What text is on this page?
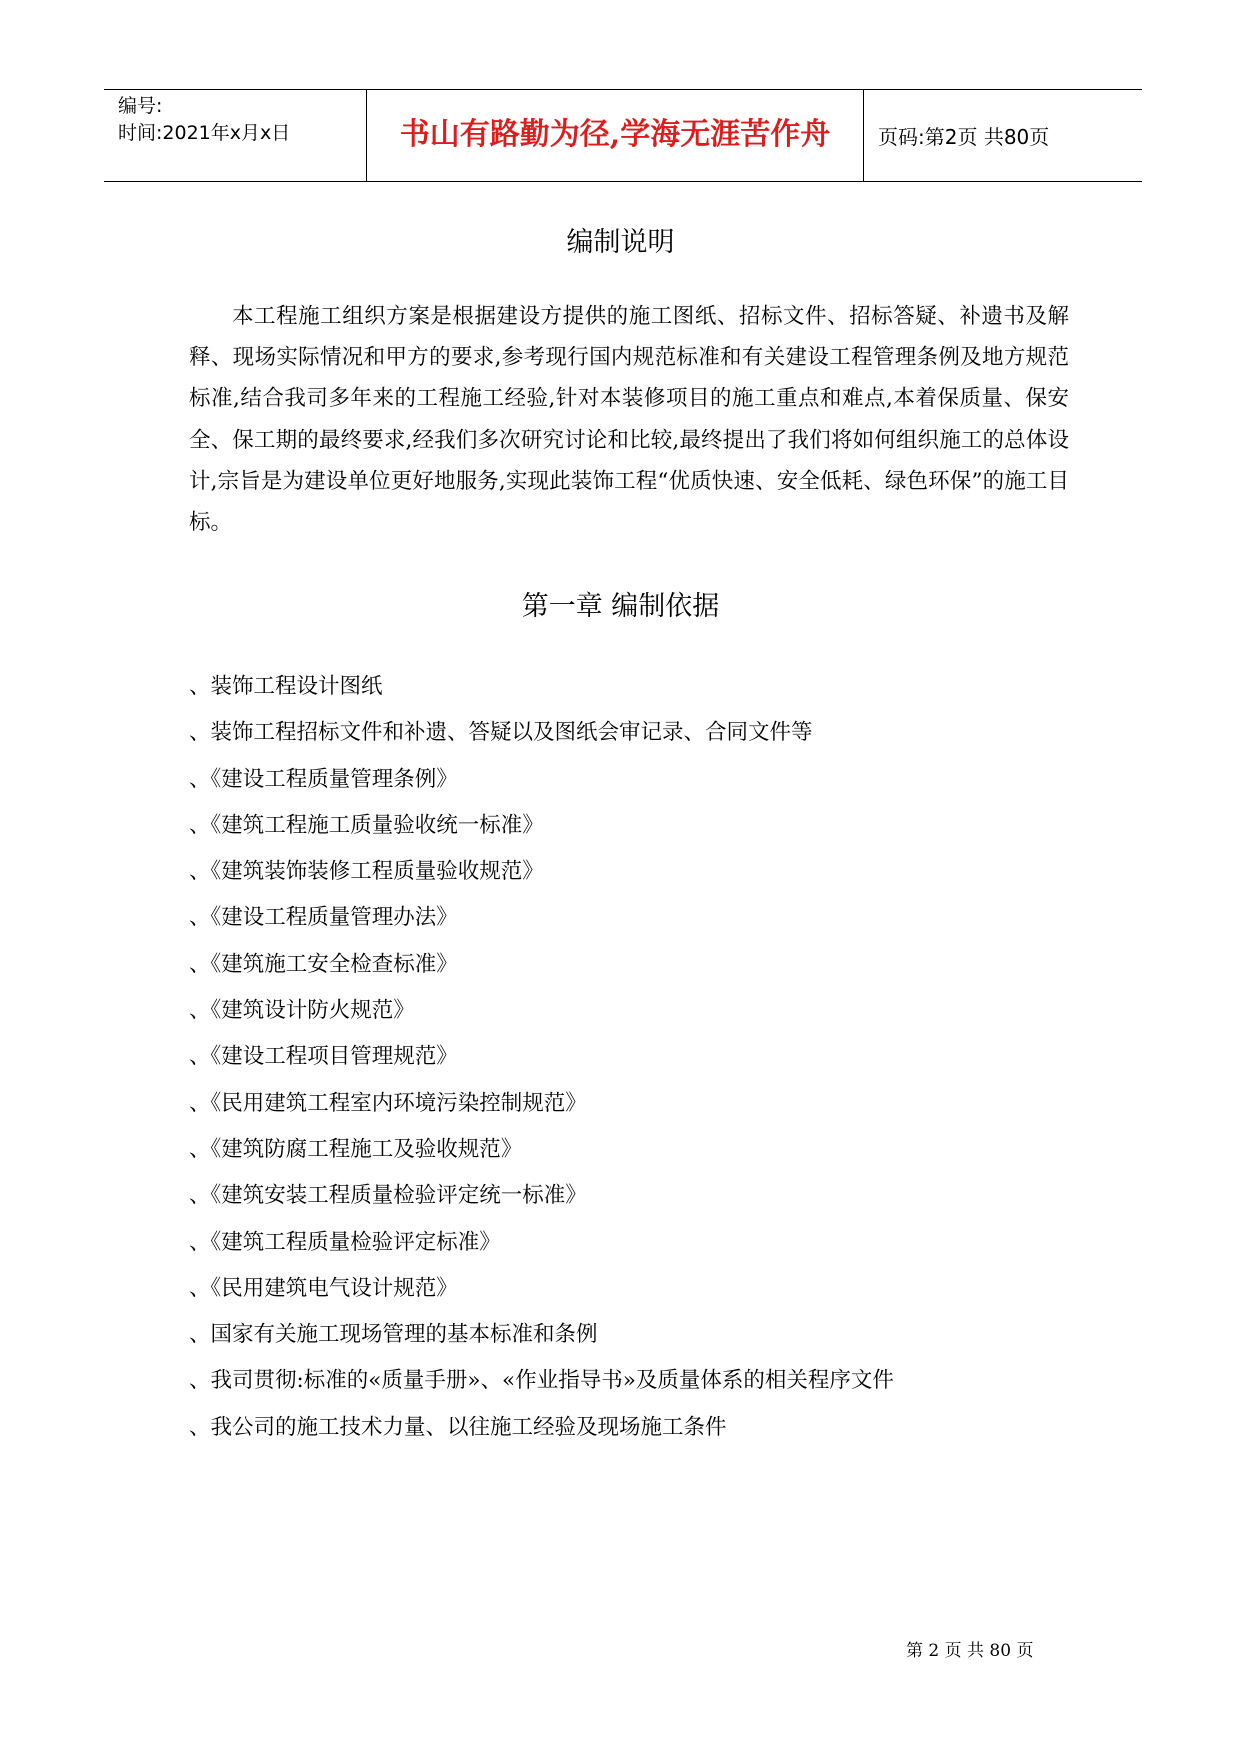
编号:
时间:2021年x月x日	书山有路勤为径,学海无涯苦作舟	页码:第2页 共80页
编制说明

本工程施工组织方案是根据建设方提供的施工图纸、招标文件、招标答疑、补遗书及解释、现场实际情况和甲方的要求,参考现行国内规范标准和有关建设工程管理条例及地方规范标准,结合我司多年来的工程施工经验,针对本装修项目的施工重点和难点,本着保质量、保安全、保工期的最终要求,经我们多次研究讨论和比较,最终提出了我们将如何组织施工的总体设计,宗旨是为建设单位更好地服务,实现此装饰工程“优质快速、安全低耗、绿色环保”的施工目标。

第一章 编制依据
、装饰工程设计图纸
、装饰工程招标文件和补遗、答疑以及图纸会审记录、合同文件等
、《建设工程质量管理条例》
、《建筑工程施工质量验收统一标准》
、《建筑装饰装修工程质量验收规范》
、《建设工程质量管理办法》
、《建筑施工安全检查标准》
、《建筑设计防火规范》
、《建设工程项目管理规范》
、《民用建筑工程室内环境污染控制规范》
、《建筑防腐工程施工及验收规范》
、《建筑安装工程质量检验评定统一标准》
、《建筑工程质量检验评定标准》
、《民用建筑电气设计规范》
、国家有关施工现场管理的基本标准和条例
、我司贯彻:标准的«质量手册»、«作业指导书»及质量体系的相关程序文件
、我公司的施工技术力量、以往施工经验及现场施工条件
第 2 页 共 80 页
